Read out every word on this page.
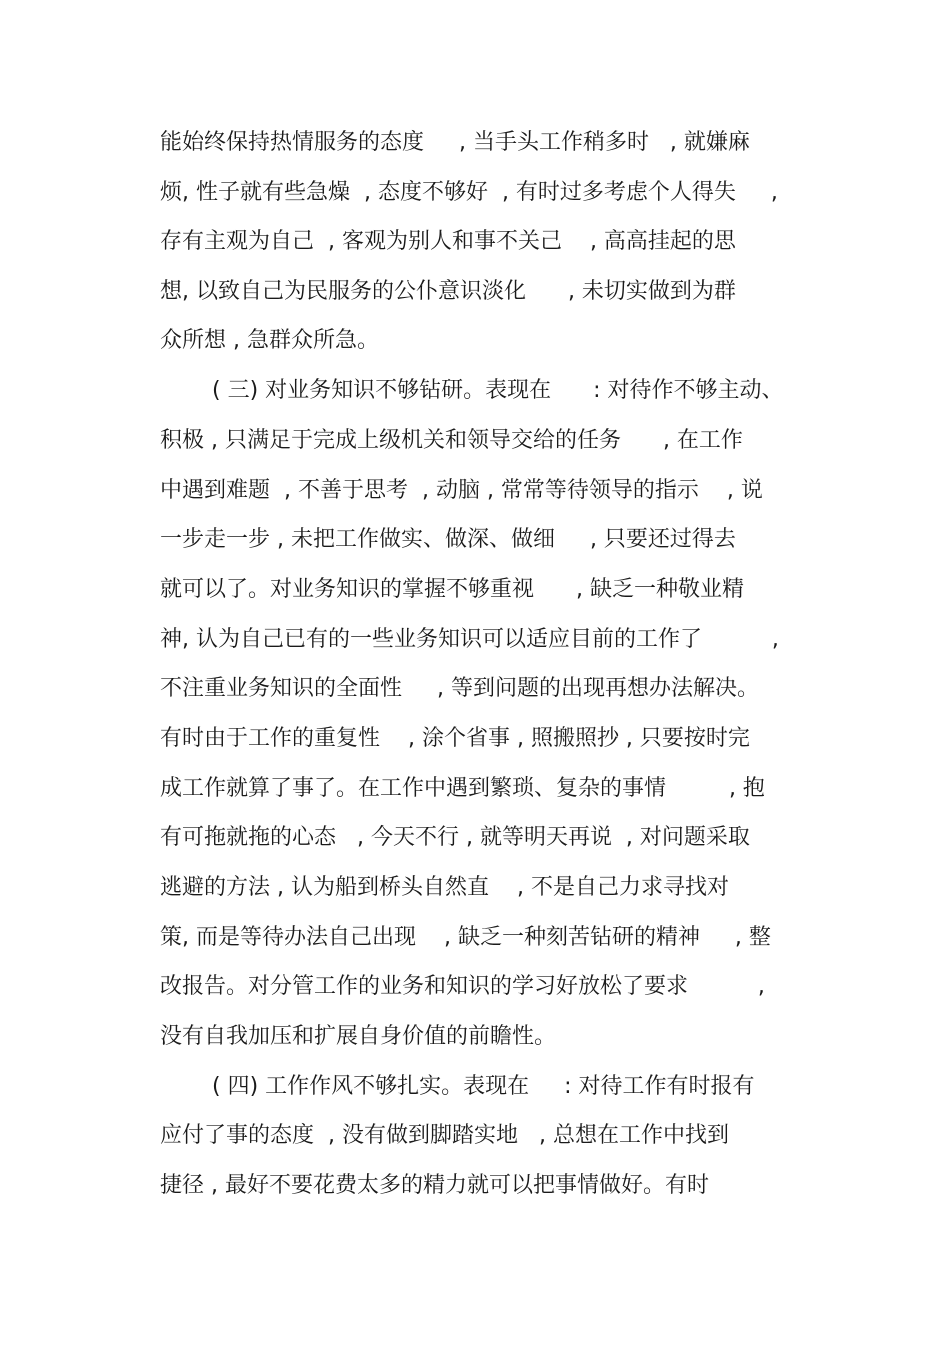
能始终保持热情服务的态度     , 当手头工作稍多时   , 就嫌麻
烦, 性子就有些急燥  , 态度不够好  , 有时过多考虑个人得失     ,
存有主观为自己  , 客观为别人和事不关己    , 高高挂起的思
想, 以致自己为民服务的公仆意识淡化      , 未切实做到为群
众所想 , 急群众所急。
( 三) 对业务知识不够钻研。表现在      : 对待作不够主动、
积极 , 只满足于完成上级机关和领导交给的任务      , 在工作
中遇到难题  , 不善于思考  , 动脑 , 常常等待领导的指示    , 说
一步走一步 , 未把工作做实、做深、做细     , 只要还过得去
就可以了。对业务知识的掌握不够重视      , 缺乏一种敬业精
神, 认为自己已有的一些业务知识可以适应目前的工作了          ,
不注重业务知识的全面性     , 等到问题的出现再想办法解决。
有时由于工作的重复性    , 涂个省事 , 照搬照抄 , 只要按时完
成工作就算了事了。在工作中遇到繁琐、复杂的事情         , 抱
有可拖就拖的心态   , 今天不行 , 就等明天再说  , 对问题采取
逃避的方法 , 认为船到桥头自然直    , 不是自己力求寻找对
策, 而是等待办法自己出现    , 缺乏一种刻苦钻研的精神     , 整
改报告。对分管工作的业务和知识的学习好放松了要求          ,
没有自我加压和扩展自身价值的前瞻性。
( 四) 工作作风不够扎实。表现在     : 对待工作有时报有
应付了事的态度  , 没有做到脚踏实地   , 总想在工作中找到
捷径 , 最好不要花费太多的精力就可以把事情做好。有时
